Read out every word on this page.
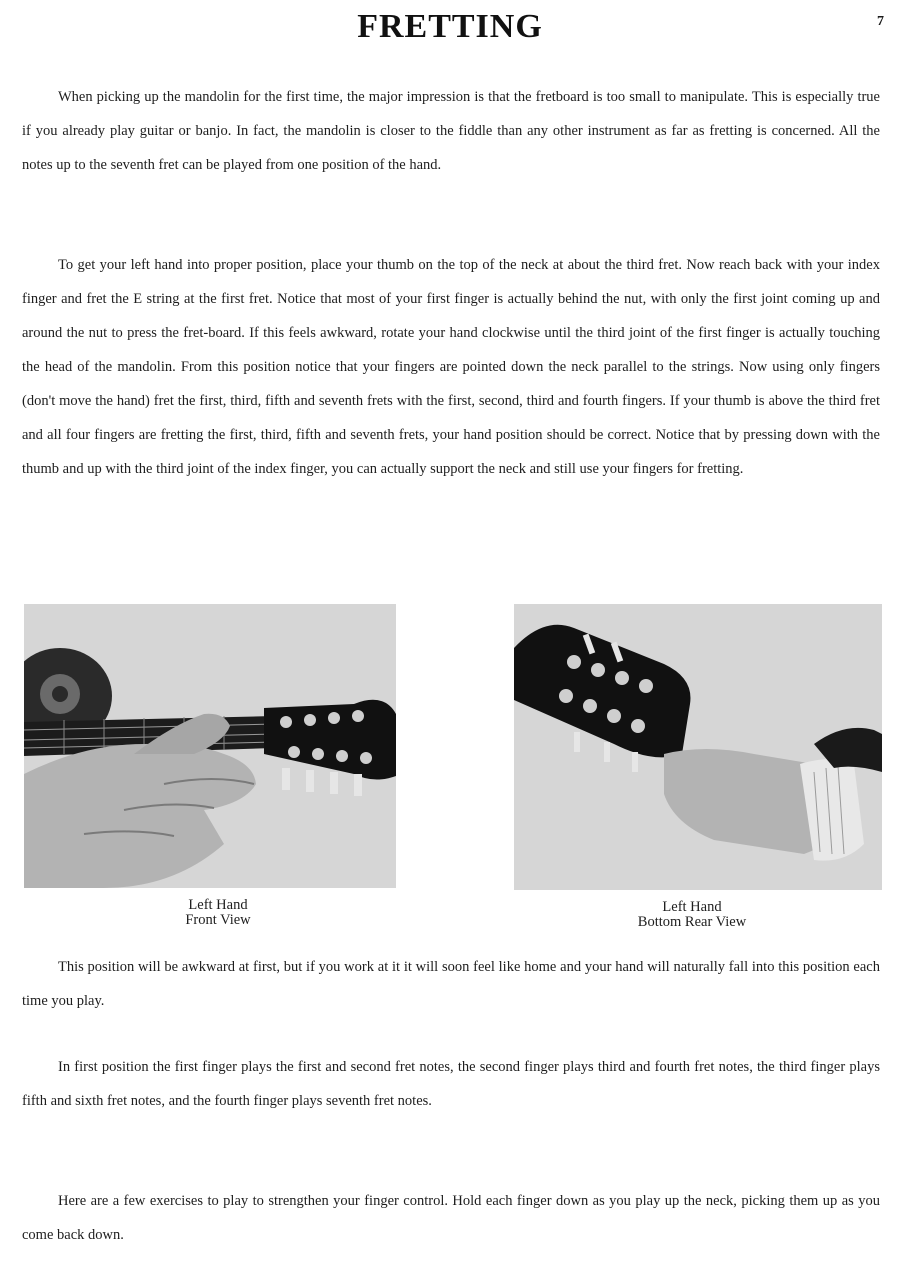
FRETTING	7

When picking up the mandolin for the first time, the major impression is that the fretboard is too small to manipulate. This is especially true if you already play guitar or banjo. In fact, the mandolin is closer to the fiddle than any other instrument as far as fretting is concerned. All the notes up to the seventh fret can be played from one position of the hand.

To get your left hand into proper position, place your thumb on the top of the neck at about the third fret. Now reach back with your index finger and fret the E string at the first fret. Notice that most of your first finger is actually behind the nut, with only the first joint coming up and around the nut to press the fret-board. If this feels awkward, rotate your hand clockwise until the third joint of the first finger is actually touching the head of the mandolin. From this position notice that your fingers are pointed down the neck parallel to the strings. Now using only fingers (don't move the hand) fret the first, third, fifth and seventh frets with the first, second, third and fourth fingers. If your thumb is above the third fret and all four fingers are fretting the first, third, fifth and seventh frets, your hand position should be correct. Notice that by pressing down with the thumb and up with the third joint of the index finger, you can actually support the neck and still use your fingers for fretting.

Left Hand
Front View
Left Hand
Bottom Rear View

This position will be awkward at first, but if you work at it it will soon feel like home and your hand will naturally fall into this position each time you play.

In first position the first finger plays the first and second fret notes, the second finger plays third and fourth fret notes, the third finger plays fifth and sixth fret notes, and the fourth finger plays seventh fret notes.

Here are a few exercises to play to strengthen your finger control. Hold each finger down as you play up the neck, picking them up as you come back down.
